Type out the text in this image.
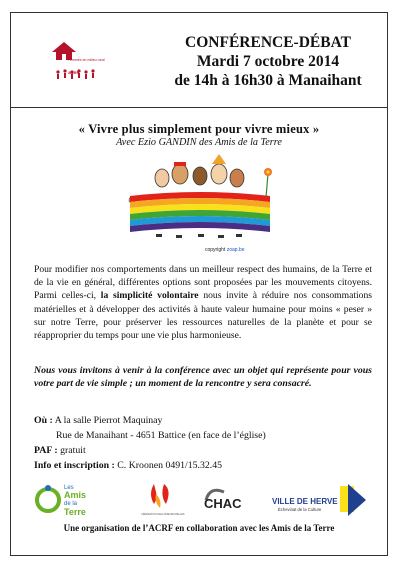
Femmes en milieu rural
ACRF
CONFÉRENCE-DÉBAT
Mardi 7 octobre 2014
de 14h à 16h30 à Manaihant
« Vivre plus simplement pour vivre mieux »
Avec Ezio GANDIN des Amis de la Terre
copyright zoap.be
Pour modifier nos comportements dans un meilleur respect des humains, de la Terre et de la vie en général, différentes options sont proposées par les mouvements citoyens. Parmi celles-ci, la simplicité volontaire nous invite à réduire nos consommations matérielles et à développer des activités à haute valeur humaine pour moins « peser » sur notre Terre, pour préserver les ressources naturelles de la planète et pour se réapproprier du temps pour une vie plus harmonieuse.
Nous vous invitons à venir à la conférence avec un objet qui représente pour vous votre part de vie simple ; un moment de la rencontre y sera consacré.
Où : A la salle Pierrot Maquinay
Rue de Manaihant - 4651 Battice (en face de l’église)
PAF : gratuit
Info et inscription : C. Kroonen 0491/15.32.45
Les
Amis
de la
Terre	FÉDÉRATION WALLONIE-BRUXELLES
CHAC	VILLE DE HERVE
Échevinat de la Culture
Une organisation de l’ACRF en collaboration avec les Amis de la Terre
